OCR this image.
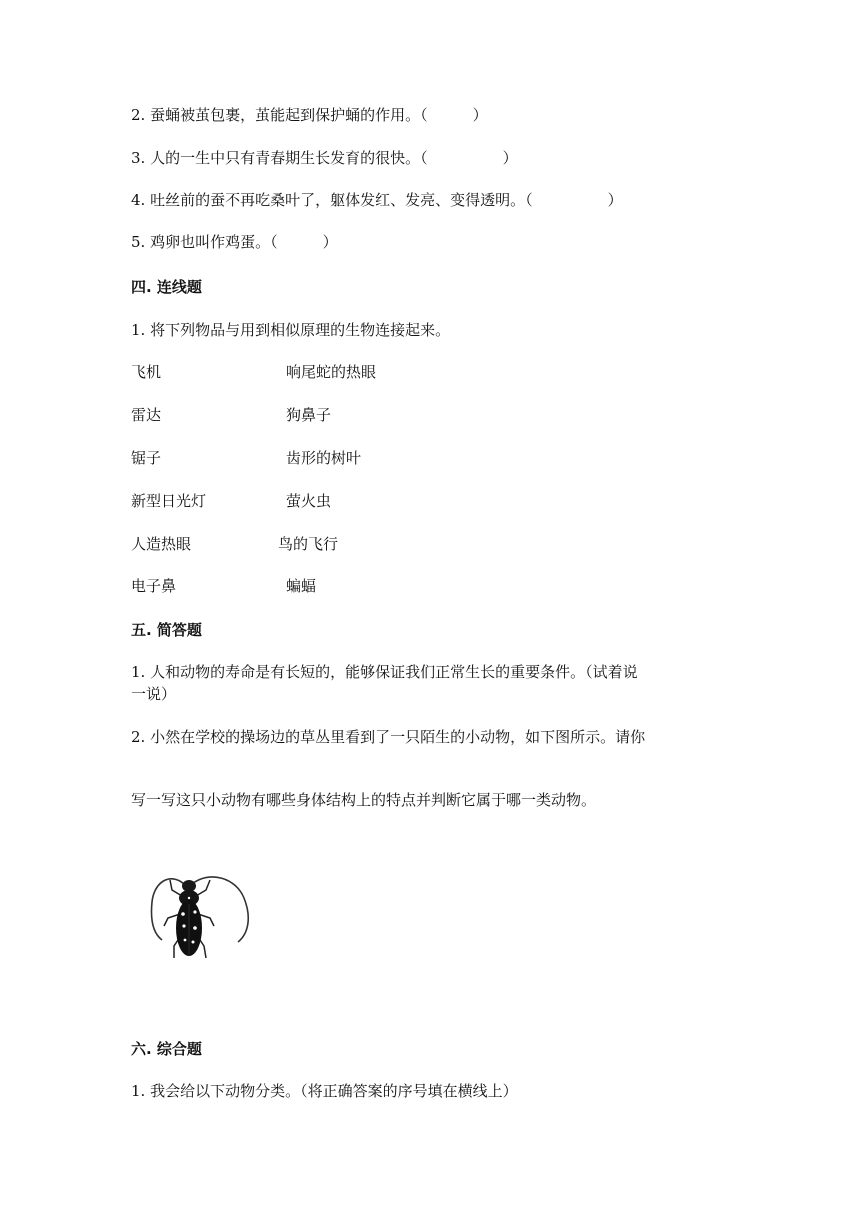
2. 蚕蛹被茧包裹，茧能起到保护蛹的作用。（　　　）
3. 人的一生中只有青春期生长发育的很快。（　　　　　）
4. 吐丝前的蚕不再吃桑叶了，躯体发红、发亮、变得透明。（　　　　　）
5. 鸡卵也叫作鸡蛋。（　　　）
四. 连线题
1. 将下列物品与用到相似原理的生物连接起来。
飞机	响尾蛇的热眼
雷达	狗鼻子
锯子	齿形的树叶
新型日光灯	萤火虫
人造热眼	鸟的飞行
电子鼻	蝙蝠
五. 简答题
1. 人和动物的寿命是有长短的，能够保证我们正常生长的重要条件。（试着说
一说）
2. 小然在学校的操场边的草丛里看到了一只陌生的小动物，如下图所示。请你
写一写这只小动物有哪些身体结构上的特点并判断它属于哪一类动物。
六. 综合题
1. 我会给以下动物分类。（将正确答案的序号填在横线上）
